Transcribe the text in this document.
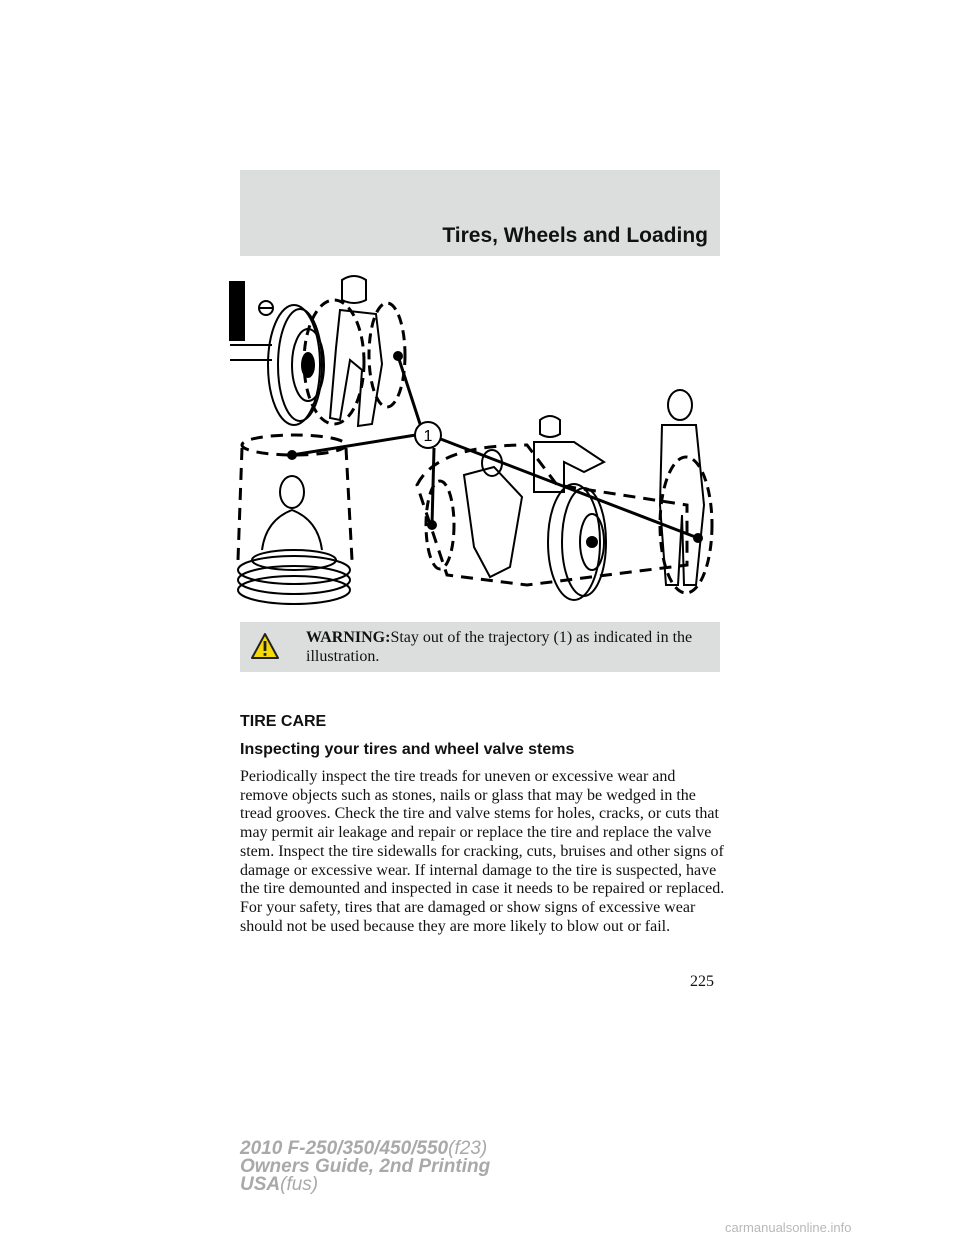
Tires, Wheels and Loading
1
WARNING:Stay out of the trajectory (1) as indicated in the illustration.
TIRE CARE
Inspecting your tires and wheel valve stems
Periodically inspect the tire treads for uneven or excessive wear and remove objects such as stones, nails or glass that may be wedged in the tread grooves. Check the tire and valve stems for holes, cracks, or cuts that may permit air leakage and repair or replace the tire and replace the valve stem. Inspect the tire sidewalls for cracking, cuts, bruises and other signs of damage or excessive wear. If internal damage to the tire is suspected, have the tire demounted and inspected in case it needs to be repaired or replaced. For your safety, tires that are damaged or show signs of excessive wear should not be used because they are more likely to blow out or fail.
225
2010 F-250/350/450/550(f23)
Owners Guide, 2nd Printing
USA(fus)
carmanualsonline.info
